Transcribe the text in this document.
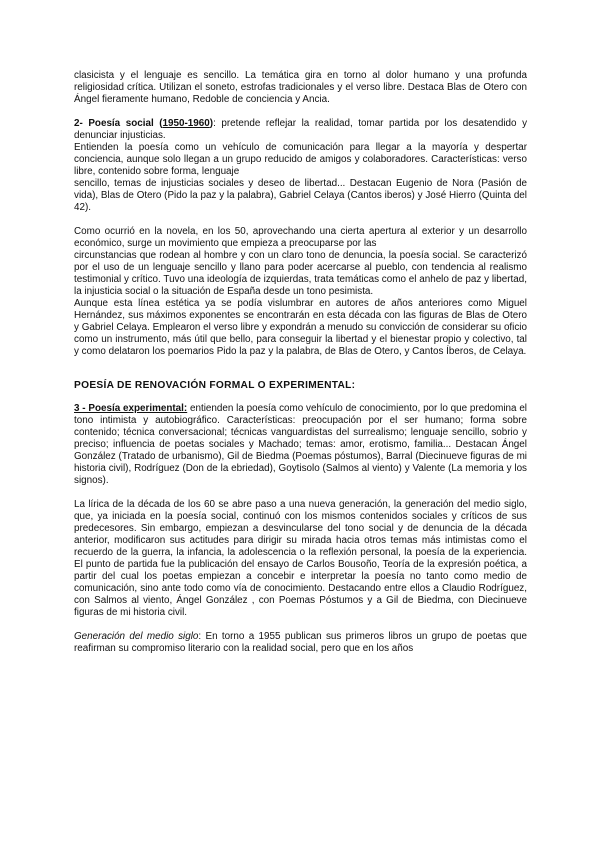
clasicista y el lenguaje es sencillo. La temática gira en torno al dolor humano y una profunda religiosidad crítica. Utilizan el soneto, estrofas tradicionales y el verso libre. Destaca Blas de Otero con Ángel fieramente humano, Redoble de conciencia y Ancia.

2- Poesía social (1950-1960): pretende reflejar la realidad, tomar partida por los desatendido y denunciar injusticias.

Entienden la poesía como un vehículo de comunicación para llegar a la mayoría y despertar conciencia, aunque solo llegan a un grupo reducido de amigos y colaboradores. Características: verso libre, contenido sobre forma, lenguaje

sencillo, temas de injusticias sociales y deseo de libertad... Destacan Eugenio de Nora (Pasión de vida), Blas de Otero (Pido la paz y la palabra), Gabriel Celaya (Cantos iberos) y José Hierro (Quinta del 42).

Como ocurrió en la novela, en los 50, aprovechando una cierta apertura al exterior y un desarrollo económico, surge un movimiento que empieza a preocuparse por las

circunstancias que rodean al hombre y con un claro tono de denuncia, la poesía social. Se caracterizó por el uso de un lenguaje sencillo y llano para poder acercarse al pueblo, con tendencia al realismo testimonial y crítico. Tuvo una ideología de izquierdas, trata temáticas como el anhelo de paz y libertad, la injusticia social o la situación de España desde un tono pesimista.

Aunque esta línea estética ya se podía vislumbrar en autores de años anteriores como Miguel Hernández, sus máximos exponentes se encontrarán en esta década con las figuras de Blas de Otero y Gabriel Celaya. Emplearon el verso libre y expondrán a menudo su convicción de considerar su oficio como un instrumento, más útil que bello, para conseguir la libertad y el bienestar propio y colectivo, tal y como delataron los poemarios Pido la paz y la palabra, de Blas de Otero, y Cantos Íberos, de Celaya.

POESÍA DE RENOVACIÓN FORMAL O EXPERIMENTAL:

3 - Poesía experimental: entienden la poesía como vehículo de conocimiento, por lo que predomina el tono intimista y autobiográfico. Características: preocupación por el ser humano; forma sobre contenido; técnica conversacional; técnicas vanguardistas del surrealismo; lenguaje sencillo, sobrio y preciso; influencia de poetas sociales y Machado; temas: amor, erotismo, familia... Destacan Ángel González (Tratado de urbanismo), Gil de Biedma (Poemas póstumos), Barral (Diecinueve figuras de mi historia civil), Rodríguez (Don de la ebriedad), Goytisolo (Salmos al viento) y Valente (La memoria y los signos).

La lírica de la década de los 60 se abre paso a una nueva generación, la generación del medio siglo, que, ya iniciada en la poesía social, continuó con los mismos contenidos sociales y críticos de sus predecesores. Sin embargo, empiezan a desvincularse del tono social y de denuncia de la década anterior, modificaron sus actitudes para dirigir su mirada hacia otros temas más intimistas como el recuerdo de la guerra, la infancia, la adolescencia o la reflexión personal, la poesía de la experiencia. El punto de partida fue la publicación del ensayo de Carlos Bousoño, Teoría de la expresión poética, a partir del cual los poetas empiezan a concebir e interpretar la poesía no tanto como medio de comunicación, sino ante todo como vía de conocimiento. Destacando entre ellos a Claudio Rodríguez, con Salmos al viento, Ángel González , con Poemas Póstumos y a Gil de Biedma, con Diecinueve figuras de mi historia civil.

Generación del medio siglo: En torno a 1955 publican sus primeros libros un grupo de poetas que reafirman su compromiso literario con la realidad social, pero que en los años
